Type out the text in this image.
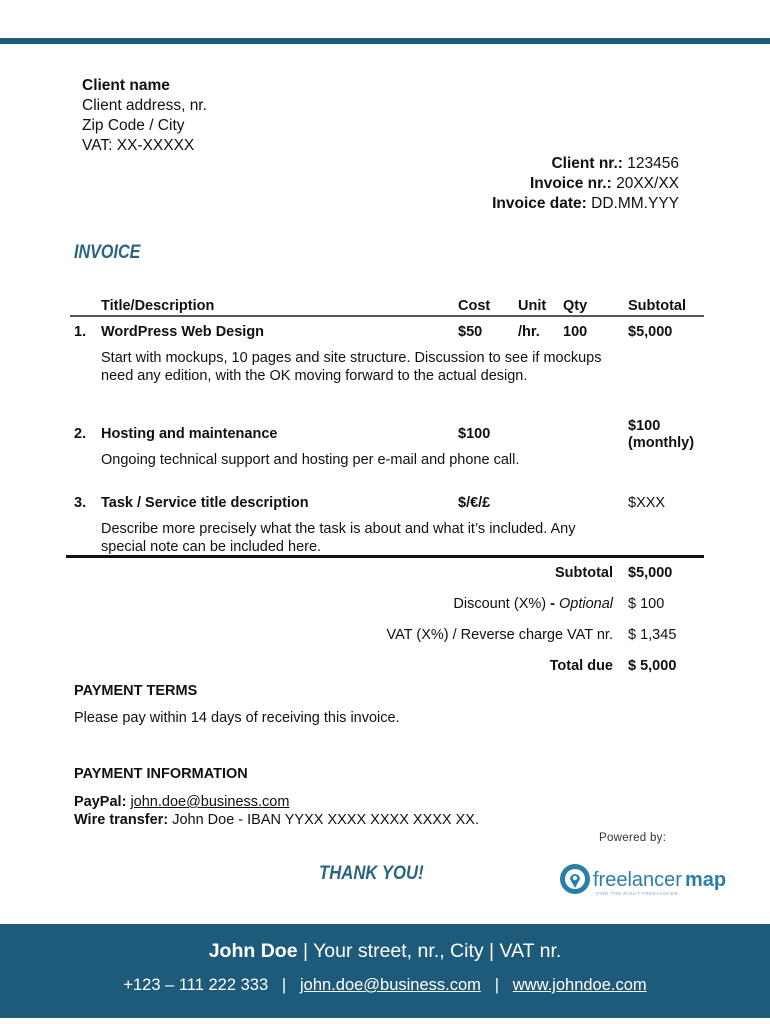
Client name
Client address, nr.
Zip Code / City
VAT: XX-XXXXX
Client nr.: 123456
Invoice nr.: 20XX/XX
Invoice date: DD.MM.YYY
INVOICE
Title/Description	Cost Unit Qty	Subtotal
1. WordPress Web Design	$50 /hr. 100	$5,000
Start with mockups, 10 pages and site structure. Discussion to see if mockups need any edition, with the OK moving forward to the actual design.
2. Hosting and maintenance	$100	$100
(monthly)
Ongoing technical support and hosting per e-mail and phone call.
3. Task / Service title description	$/€/£	$XXX
Describe more precisely what the task is about and what it’s included. Any special note can be included here.
Subtotal $5,000
Discount (X%) - Optional $ 100
VAT (X%) / Reverse charge VAT nr. $ 1,345
Total due $ 5,000
PAYMENT TERMS
Please pay within 14 days of receiving this invoice.
PAYMENT INFORMATION
PayPal: john.doe@business.com
Wire transfer: John Doe - IBAN YYXX XXXX XXXX XXXX XX.
Powered by:
THANK YOU!	freelancer map
FIND THE RIGHT FREELANCER
John Doe | Your street, nr., City | VAT nr.
+123 – 111 222 333 | john.doe@business.com | www.johndoe.com
